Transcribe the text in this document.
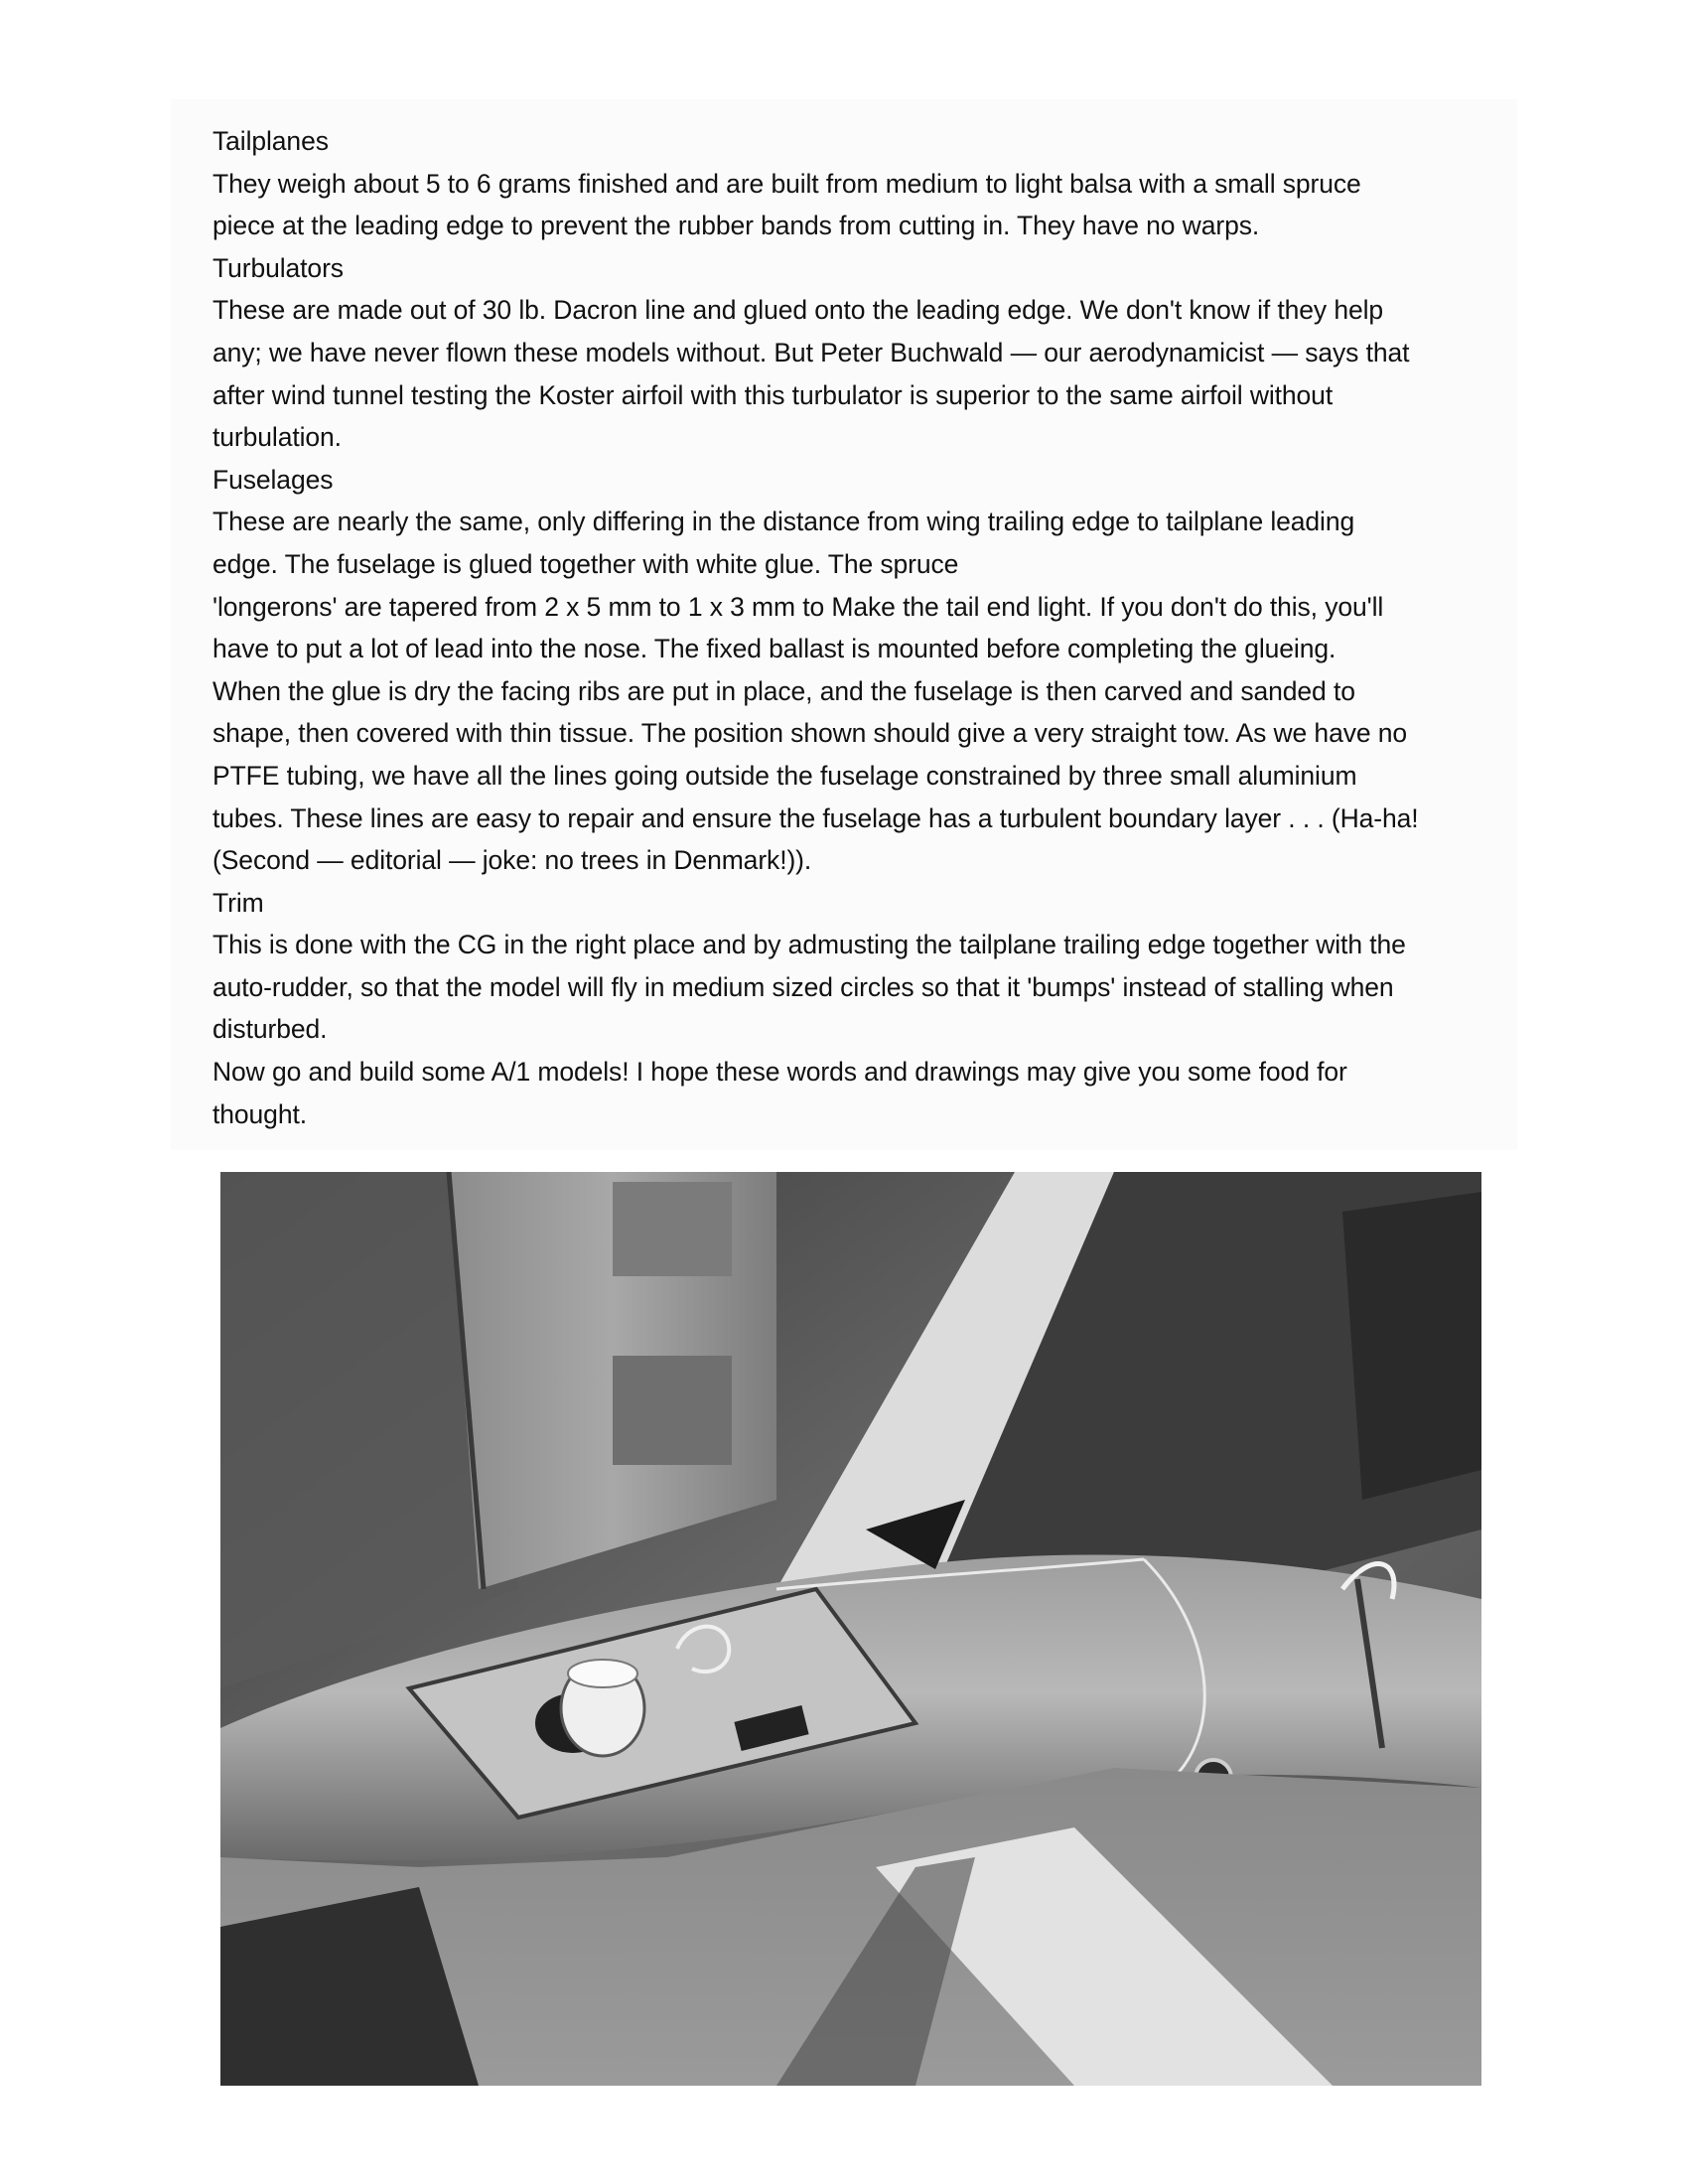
Tailplanes

They weigh about 5 to 6 grams finished and are built from medium to light balsa with a small spruce

piece at the leading edge to prevent the rubber bands from cutting in. They have no warps.

Turbulators

These are made out of 30 lb. Dacron line and glued onto the leading edge. We don't know if they help

any; we have never flown these models without. But Peter Buchwald — our aerodynamicist — says that

after wind tunnel testing the Koster airfoil with this turbulator is superior to the same airfoil without

turbulation.

Fuselages

These are nearly the same, only differing in the distance from wing trailing edge to tailplane leading

edge. The fuselage is glued together with white glue. The spruce

'longerons' are tapered from 2 x 5 mm to 1 x 3 mm to Make the tail end light. If you don't do this, you'll

have to put a lot of lead into the nose. The fixed ballast is mounted before completing the glueing.

When the glue is dry the facing ribs are put in place, and the fuselage is then carved and sanded to

shape, then covered with thin tissue. The position shown should give a very straight tow. As we have no

PTFE tubing, we have all the lines going outside the fuselage constrained by three small aluminium

tubes. These lines are easy to repair and ensure the fuselage has a turbulent boundary layer . . . (Ha-ha!

(Second — editorial — joke: no trees in Denmark!)).

Trim

This is done with the CG in the right place and by admusting the tailplane trailing edge together with the

auto-rudder, so that the model will fly in medium sized circles so that it 'bumps' instead of stalling when

disturbed.

Now go and build some A/1 models! I hope these words and drawings may give you some food for

thought.
